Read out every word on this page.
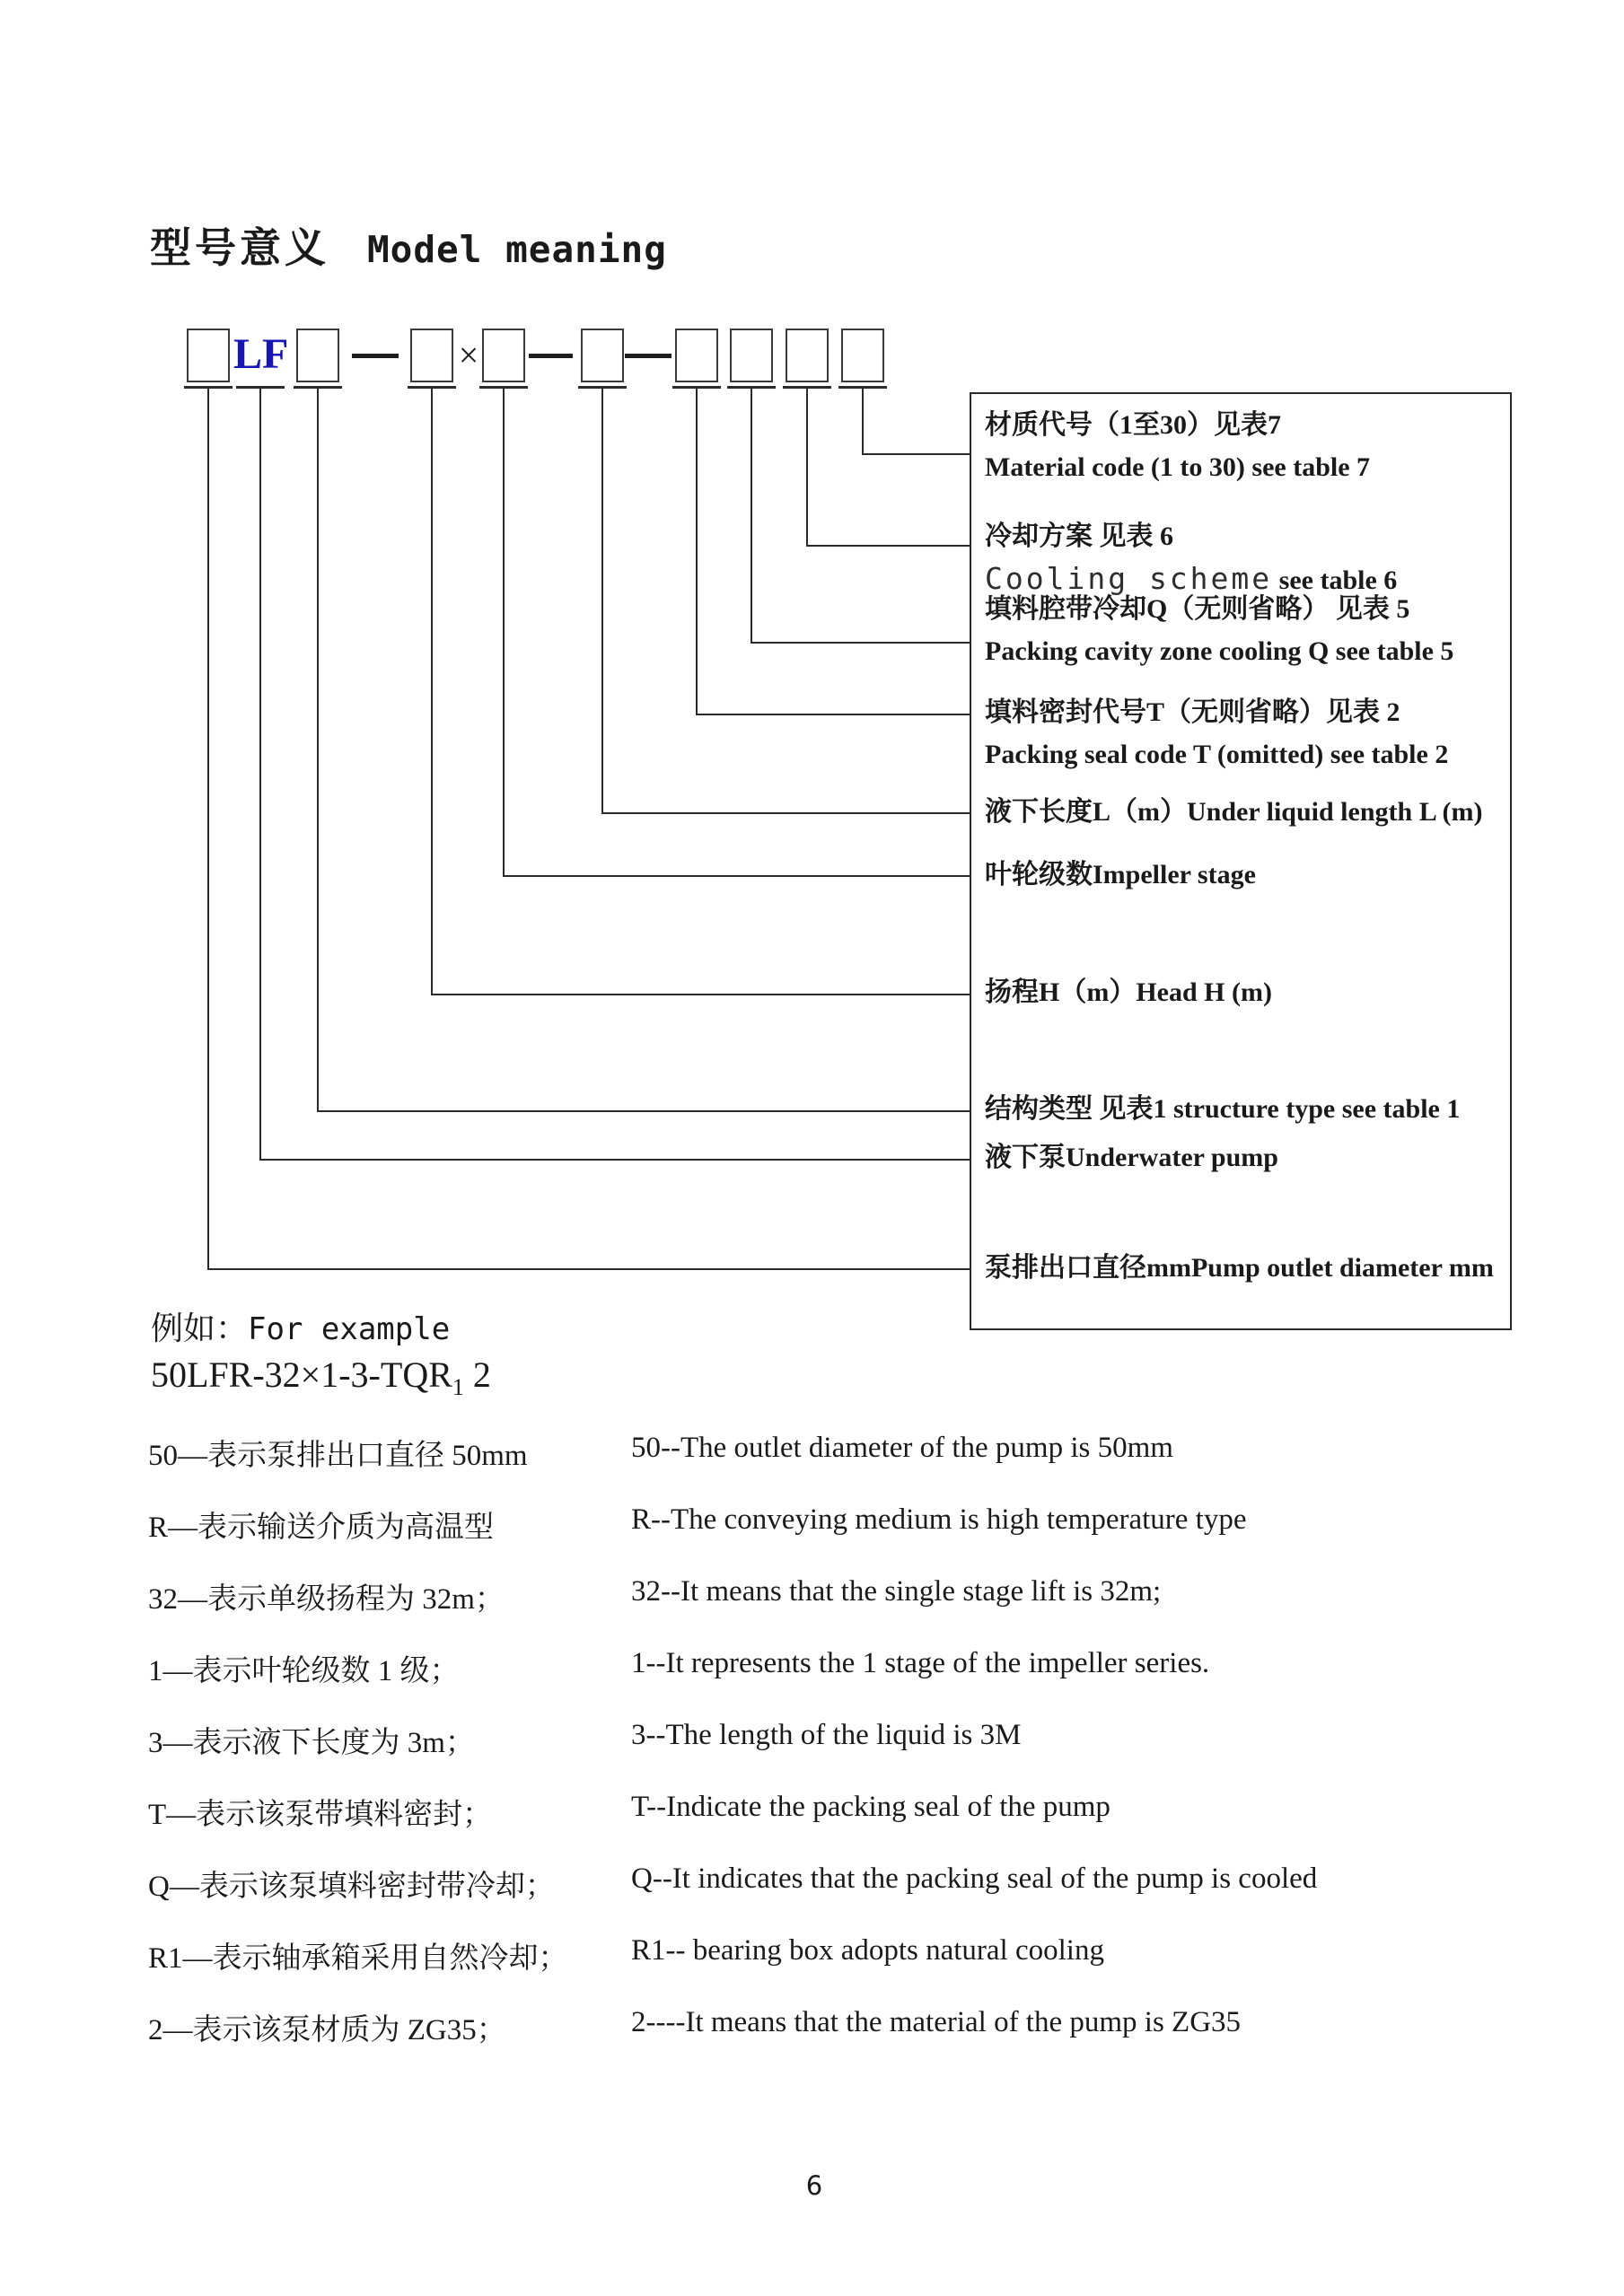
型号意义 Model meaning
LF	×
材质代号（1至30）见表7
Material code (1 to 30) see table 7
冷却方案 见表 6
Cooling scheme see table 6
填料腔带冷却Q（无则省略） 见表 5
Packing cavity zone cooling Q see table 5
填料密封代号T（无则省略）见表 2
Packing seal code T (omitted) see table 2
液下长度L（m）Under liquid length L (m)
叶轮级数Impeller stage
扬程H（m）Head H (m)
结构类型 见表1 structure type see table 1
液下泵Underwater pump
泵排出口直径mmPump outlet diameter mm
例如：For example
$50LFR-32\times 1-3-TQR_1$ 2
50—表示泵排出口直径 50mm	50--The outlet diameter of the pump is 50mm
R—表示输送介质为高温型	R--The conveying medium is high temperature type
32—表示单级扬程为 32m；	32--It means that the single stage lift is 32m;
1—表示叶轮级数 1 级；	1--It represents the 1 stage of the impeller series.
3—表示液下长度为 3m；	3--The length of the liquid is 3M
T—表示该泵带填料密封；	T--Indicate the packing seal of the pump
Q—表示该泵填料密封带冷却；	Q--It indicates that the packing seal of the pump is cooled
R1—表示轴承箱采用自然冷却； R1-- bearing box adopts natural cooling
2—表示该泵材质为 ZG35；	2----It means that the material of the pump is ZG35
6
